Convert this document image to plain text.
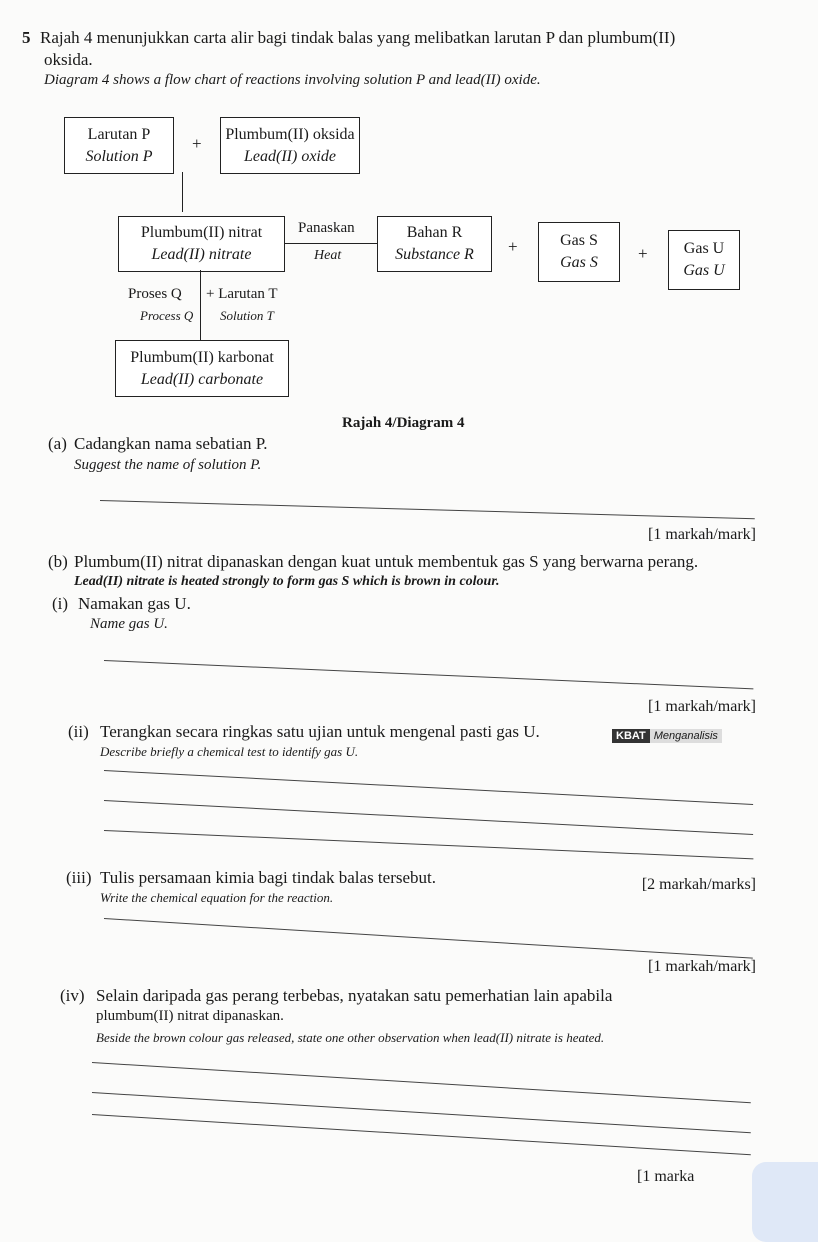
5 Rajah 4 menunjukkan carta alir bagi tindak balas yang melibatkan larutan P dan plumbum(II)
oksida.
Diagram 4 shows a flow chart of reactions involving solution P and lead(II) oxide.
Larutan P
Solution P
+ Plumbum(II) oksida
Lead(II) oxide
Plumbum(II) nitrat
Lead(II) nitrate
Panaskan
Heat
Bahan R
Substance R	+	Gas S
Gas S	+	Gas U
Gas U
Proses Q
Process Q
+ Larutan T
Solution T
Plumbum(II) karbonat
Lead(II) carbonate
Rajah 4/Diagram 4
(a) Cadangkan nama sebatian P.
Suggest the name of solution P.
[1 markah/mark]
(b) Plumbum(II) nitrat dipanaskan dengan kuat untuk membentuk gas S yang berwarna perang.
Lead(II) nitrate is heated strongly to form gas S which is brown in colour.
(i) Namakan gas U.
Name gas U.
[1 markah/mark]
(ii) Terangkan secara ringkas satu ujian untuk mengenal pasti gas U.	KBAT Menganalisis
Describe briefly a chemical test to identify gas U.
(iii) Tulis persamaan kimia bagi tindak balas tersebut.
Write the chemical equation for the reaction.
[2 markah/marks]
[1 markah/mark]
(iv) Selain daripada gas perang terbebas, nyatakan satu pemerhatian lain apabila
plumbum(II) nitrat dipanaskan.
Beside the brown colour gas released, state one other observation when lead(II) nitrate is heated.
[1 marka
